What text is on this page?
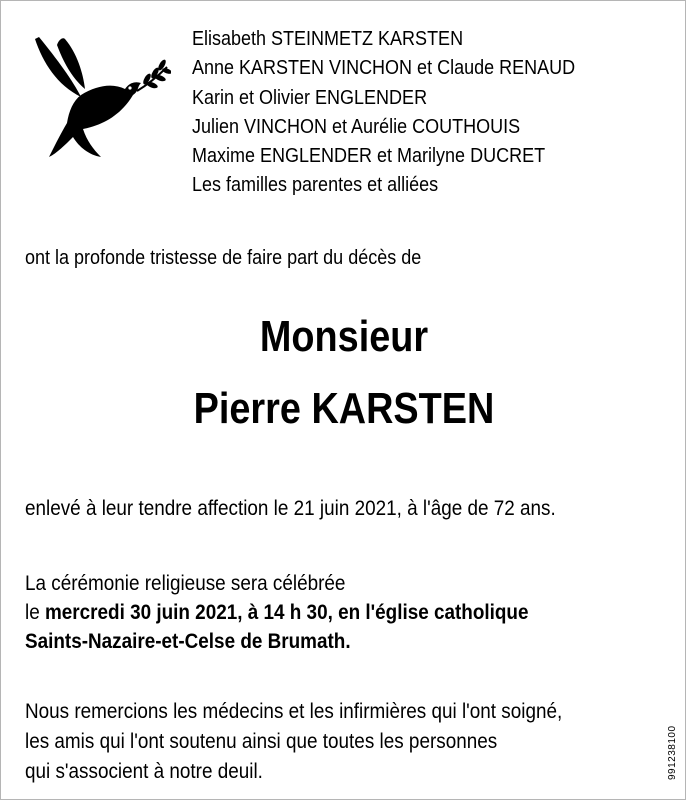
Elisabeth STEINMETZ KARSTEN
Anne KARSTEN VINCHON et Claude RENAUD
Karin et Olivier ENGLENDER
Julien VINCHON et Aurélie COUTHOUIS
Maxime ENGLENDER et Marilyne DUCRET
Les familles parentes et alliées
ont la profonde tristesse de faire part du décès de
Monsieur
Pierre KARSTEN
enlevé à leur tendre affection le 21 juin 2021, à l'âge de 72 ans.
La cérémonie religieuse sera célébrée
le mercredi 30 juin 2021, à 14 h 30, en l'église catholique
Saints-Nazaire-et-Celse de Brumath.
Nous remercions les médecins et les infirmières qui l'ont soigné,
les amis qui l'ont soutenu ainsi que toutes les personnes
qui s'associent à notre deuil.	991238100
